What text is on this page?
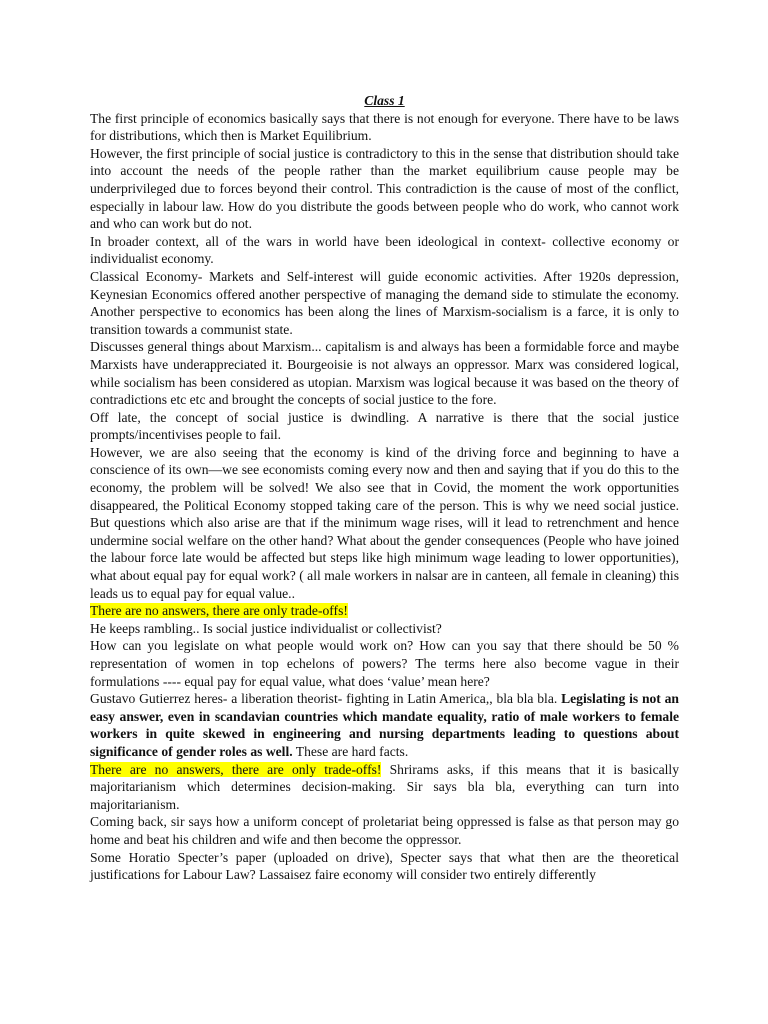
Class 1

The first principle of economics basically says that there is not enough for everyone. There have to be laws for distributions, which then is Market Equilibrium.

However, the first principle of social justice is contradictory to this in the sense that distribution should take into account the needs of the people rather than the market equilibrium cause people may be underprivileged due to forces beyond their control. This contradiction is the cause of most of the conflict, especially in labour law. How do you distribute the goods between people who do work, who cannot work and who can work but do not.

In broader context, all of the wars in world have been ideological in context- collective economy or individualist economy.

Classical Economy- Markets and Self-interest will guide economic activities. After 1920s depression, Keynesian Economics offered another perspective of managing the demand side to stimulate the economy. Another perspective to economics has been along the lines of Marxism-socialism is a farce, it is only to transition towards a communist state.

Discusses general things about Marxism... capitalism is and always has been a formidable force and maybe Marxists have underappreciated it. Bourgeoisie is not always an oppressor. Marx was considered logical, while socialism has been considered as utopian. Marxism was logical because it was based on the theory of contradictions etc etc and brought the concepts of social justice to the fore.

Off late, the concept of social justice is dwindling. A narrative is there that the social justice prompts/incentivises people to fail.

However, we are also seeing that the economy is kind of the driving force and beginning to have a conscience of its own—we see economists coming every now and then and saying that if you do this to the economy, the problem will be solved! We also see that in Covid, the moment the work opportunities disappeared, the Political Economy stopped taking care of the person. This is why we need social justice. But questions which also arise are that if the minimum wage rises, will it lead to retrenchment and hence undermine social welfare on the other hand? What about the gender consequences (People who have joined the labour force late would be affected but steps like high minimum wage leading to lower opportunities), what about equal pay for equal work? ( all male workers in nalsar are in canteen, all female in cleaning) this leads us to equal pay for equal value..

There are no answers, there are only trade-offs!

He keeps rambling.. Is social justice individualist or collectivist?

How can you legislate on what people would work on? How can you say that there should be 50 % representation of women in top echelons of powers? The terms here also become vague in their formulations ---- equal pay for equal value, what does ‘value’ mean here?

Gustavo Gutierrez heres- a liberation theorist- fighting in Latin America,, bla bla bla. Legislating is not an easy answer, even in scandavian countries which mandate equality, ratio of male workers to female workers in quite skewed in engineering and nursing departments leading to questions about significance of gender roles as well. These are hard facts.

There are no answers, there are only trade-offs! Shrirams asks, if this means that it is basically majoritarianism which determines decision-making. Sir says bla bla, everything can turn into majoritarianism.

Coming back, sir says how a uniform concept of proletariat being oppressed is false as that person may go home and beat his children and wife and then become the oppressor.

Some Horatio Specter’s paper (uploaded on drive), Specter says that what then are the theoretical justifications for Labour Law? Lassaisez faire economy will consider two entirely differently
